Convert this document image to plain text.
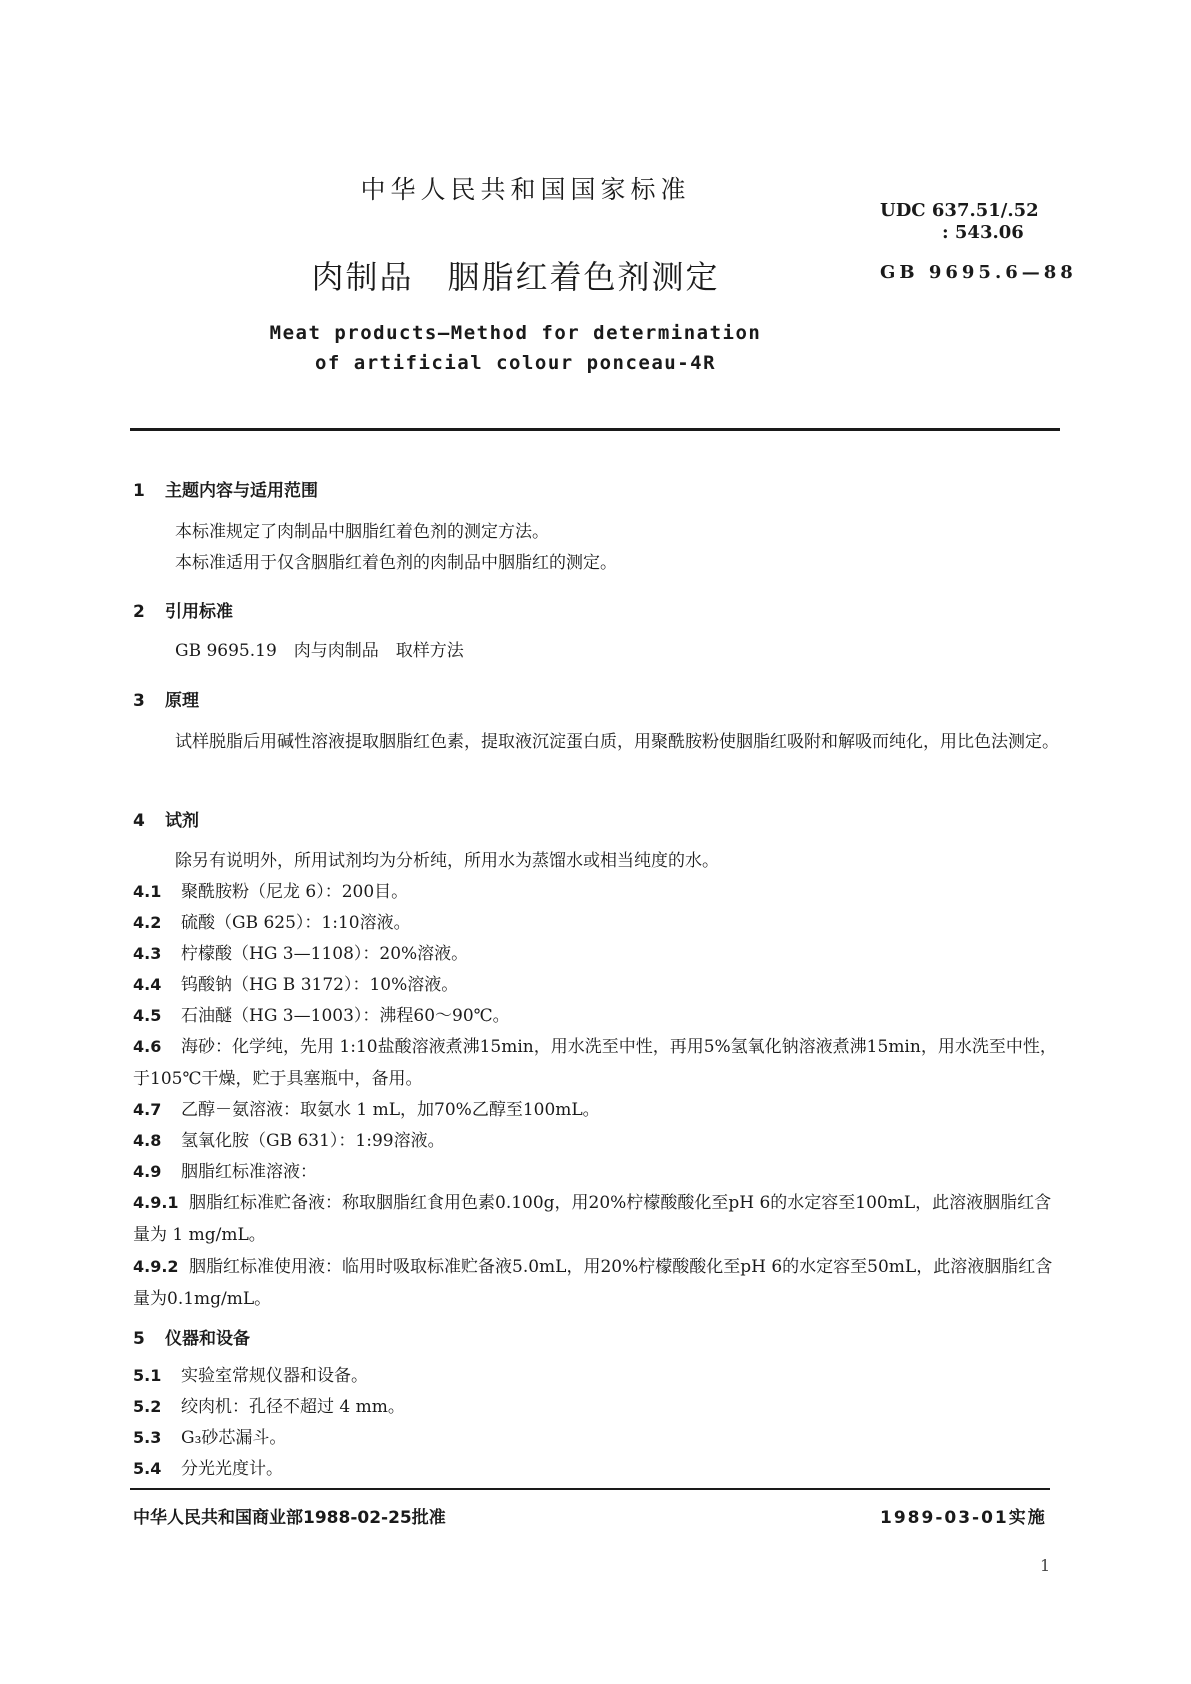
中华人民共和国国家标准
UDC 637.51/.52
: 543.06
肉制品　胭脂红着色剂测定	GB 9695.6—88
Meat products—Method for determination
of artificial colour ponceau-4R
1 主题内容与适用范围
本标准规定了肉制品中胭脂红着色剂的测定方法。
本标准适用于仅含胭脂红着色剂的肉制品中胭脂红的测定。
2 引用标准
GB 9695.19　肉与肉制品　取样方法
3 原理
试样脱脂后用碱性溶液提取胭脂红色素，提取液沉淀蛋白质，用聚酰胺粉使胭脂红吸附和解吸而纯化，用比色法测定。
4 试剂
除另有说明外，所用试剂均为分析纯，所用水为蒸馏水或相当纯度的水。
4.1 聚酰胺粉（尼龙 6）：200目。
4.2 硫酸（GB 625）：1:10溶液。
4.3 柠檬酸（HG 3—1108）：20%溶液。
4.4 钨酸钠（HG B 3172）：10%溶液。
4.5 石油醚（HG 3—1003）：沸程60～90℃。
4.6 海砂：化学纯，先用 1:10盐酸溶液煮沸15min，用水洗至中性，再用5%氢氧化钠溶液煮沸15min，用水洗至中性，于105℃干燥，贮于具塞瓶中，备用。
4.7 乙醇－氨溶液：取氨水 1 mL，加70%乙醇至100mL。
4.8 氢氧化胺（GB 631）：1:99溶液。
4.9 胭脂红标准溶液：
4.9.1 胭脂红标准贮备液：称取胭脂红食用色素0.100g，用20%柠檬酸酸化至pH 6的水定容至100mL，此溶液胭脂红含量为 1 mg/mL。
4.9.2 胭脂红标准使用液：临用时吸取标准贮备液5.0mL，用20%柠檬酸酸化至pH 6的水定容至50mL，此溶液胭脂红含量为0.1mg/mL。
5 仪器和设备
5.1 实验室常规仪器和设备。
5.2 绞肉机：孔径不超过 4 mm。
5.3 G₃砂芯漏斗。
5.4 分光光度计。
中华人民共和国商业部1988-02-25批准	1989-03-01实施
1
